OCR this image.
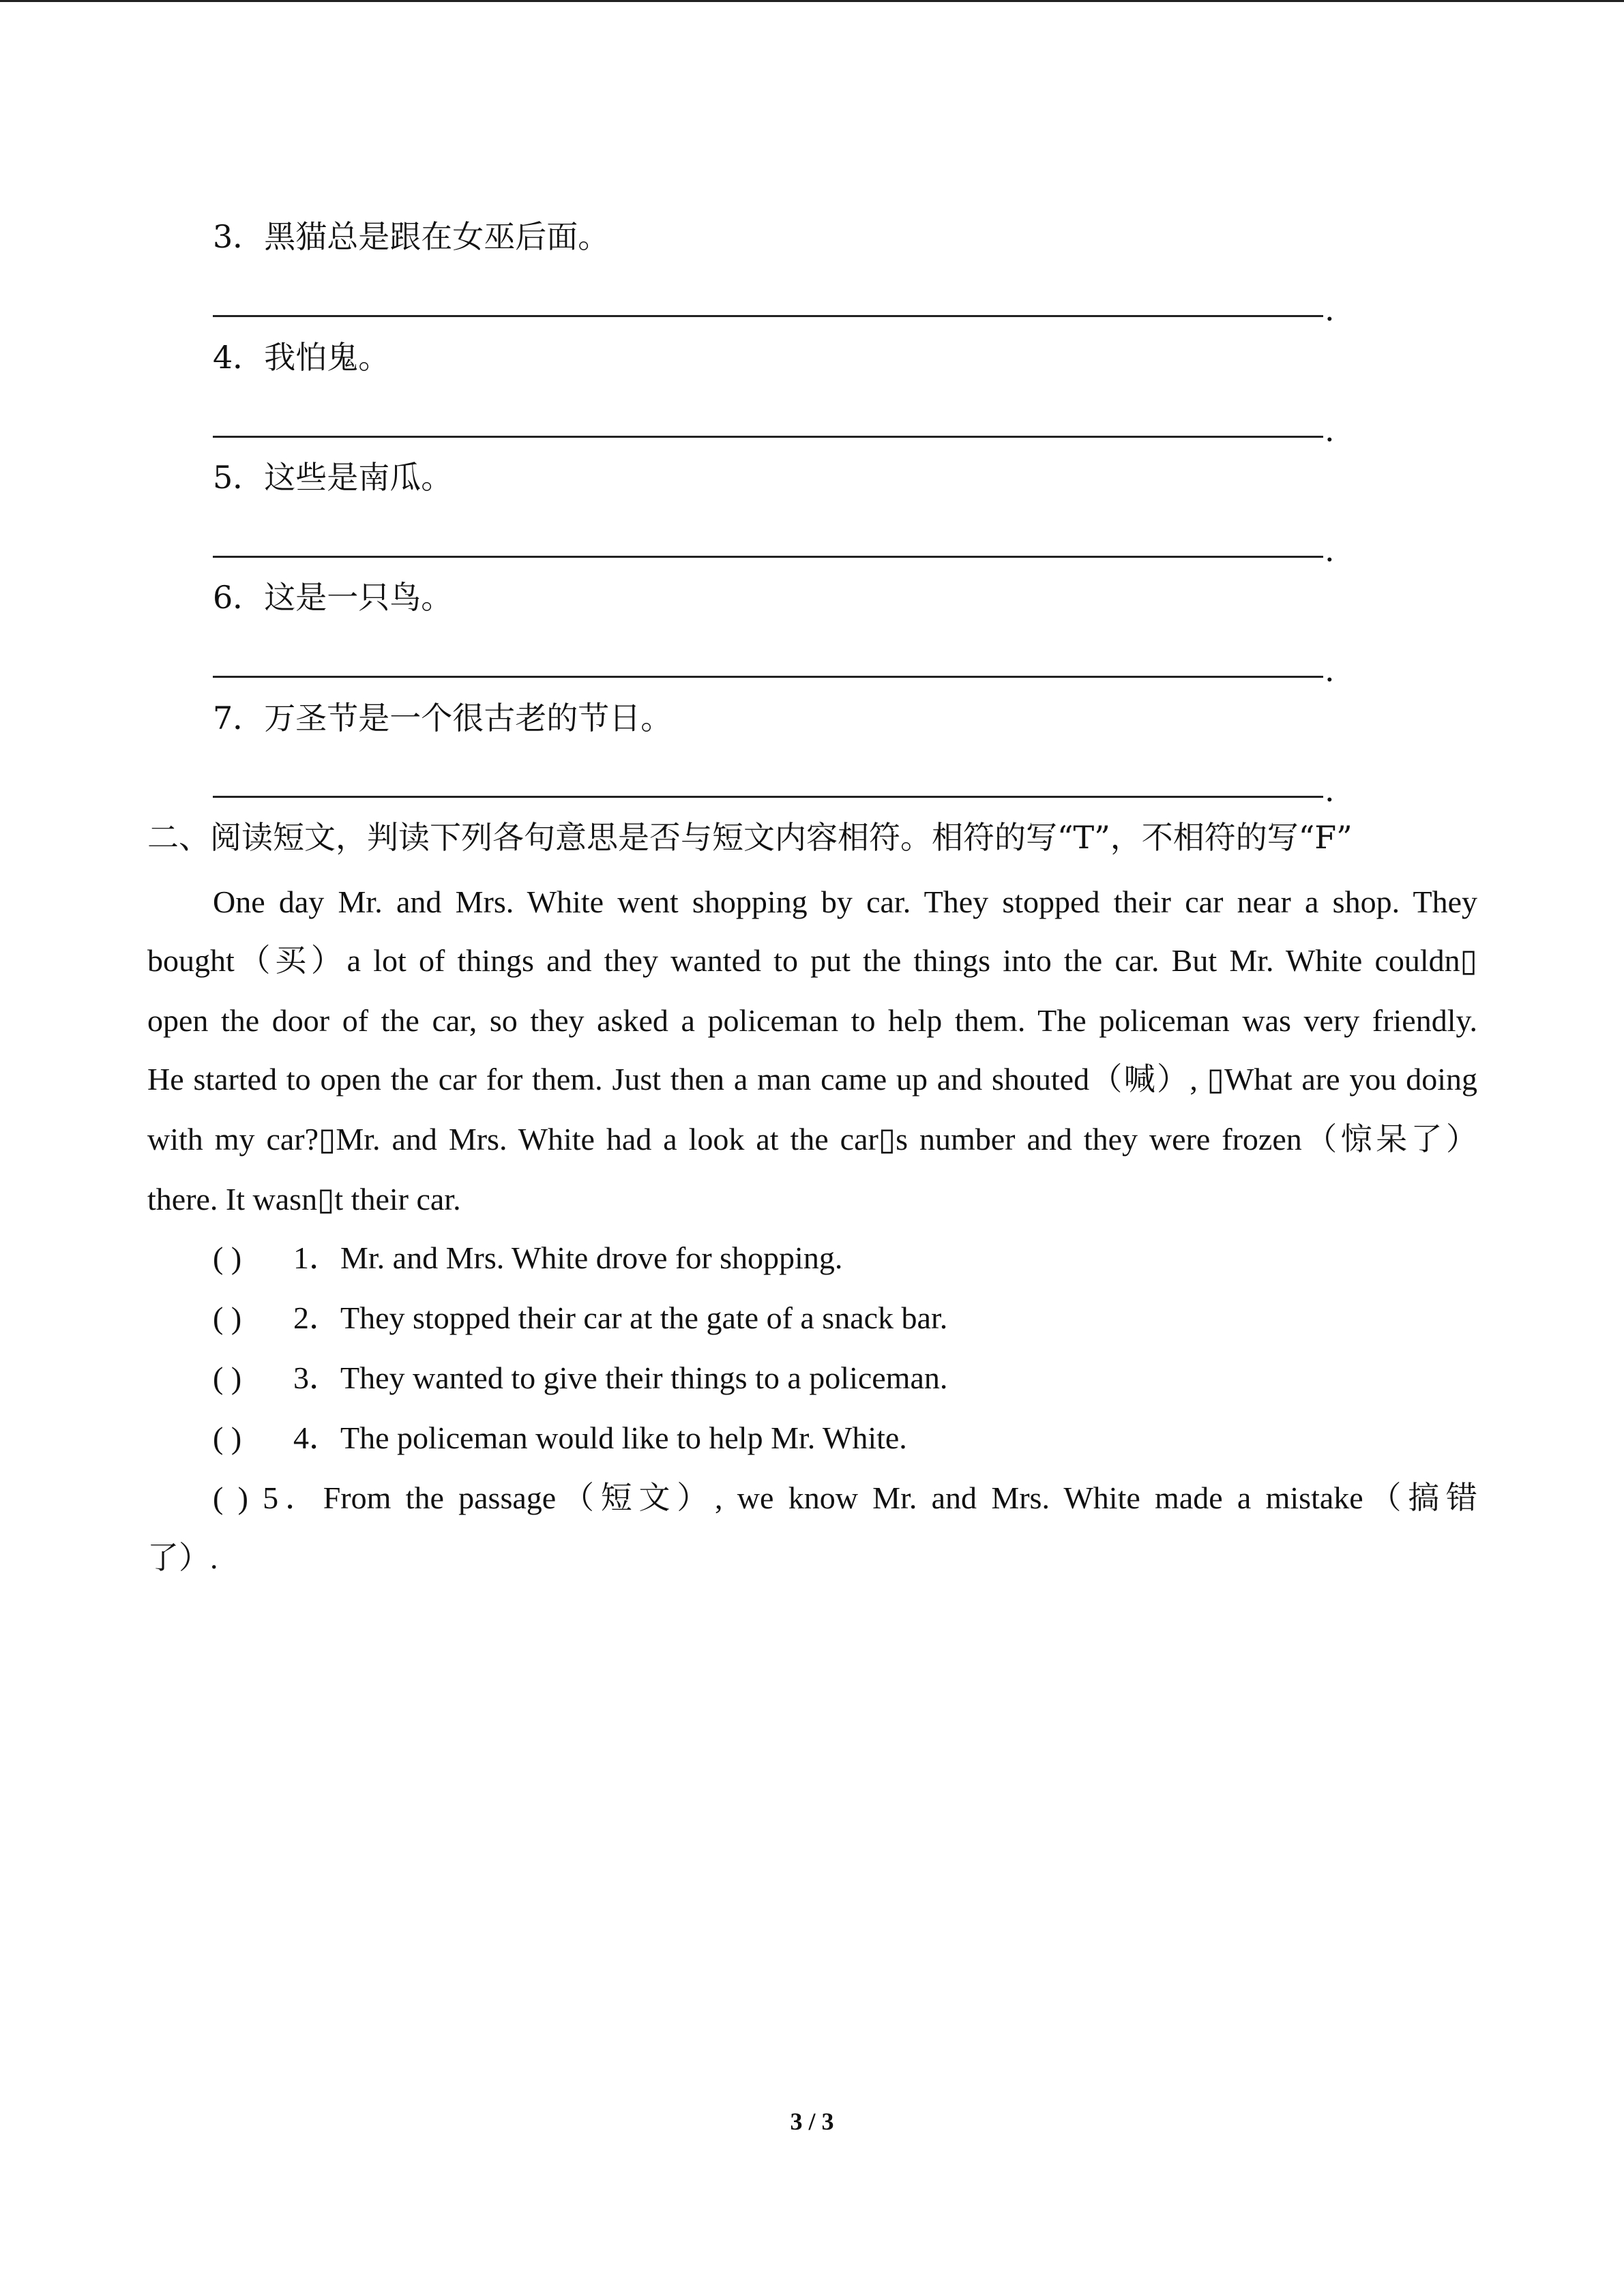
3．黑猫总是跟在女巫后面。
.
4．我怕鬼。
.
5．这些是南瓜。
.
6．这是一只鸟。
.
7．万圣节是一个很古老的节日。
.
二、阅读短文，判读下列各句意思是否与短文内容相符。相符的写“T”，不相符的写“F”
One day Mr. and Mrs. White went shopping by car. They stopped their car near a shop. They
bought（买）a lot of things and they wanted to put the things into the car. But Mr. White couldn▯
open the door of the car, so they asked a policeman to help them. The policeman was very friendly.
He started to open the car for them. Just then a man came up and shouted（喊）, ▯What are you doing
with my car?▯Mr. and Mrs. White had a look at the car▯s number and they were frozen（惊呆了）
there. It wasn▯t their car.
( ) 1．Mr. and Mrs. White drove for shopping.
( ) 2．They stopped their car at the gate of a snack bar.
( ) 3．They wanted to give their things to a policeman.
( ) 4．The policeman would like to help Mr. White.
( ) 5．From the passage（短文）, we know Mr. and Mrs. White made a mistake（搞错
了）.
3 / 3
